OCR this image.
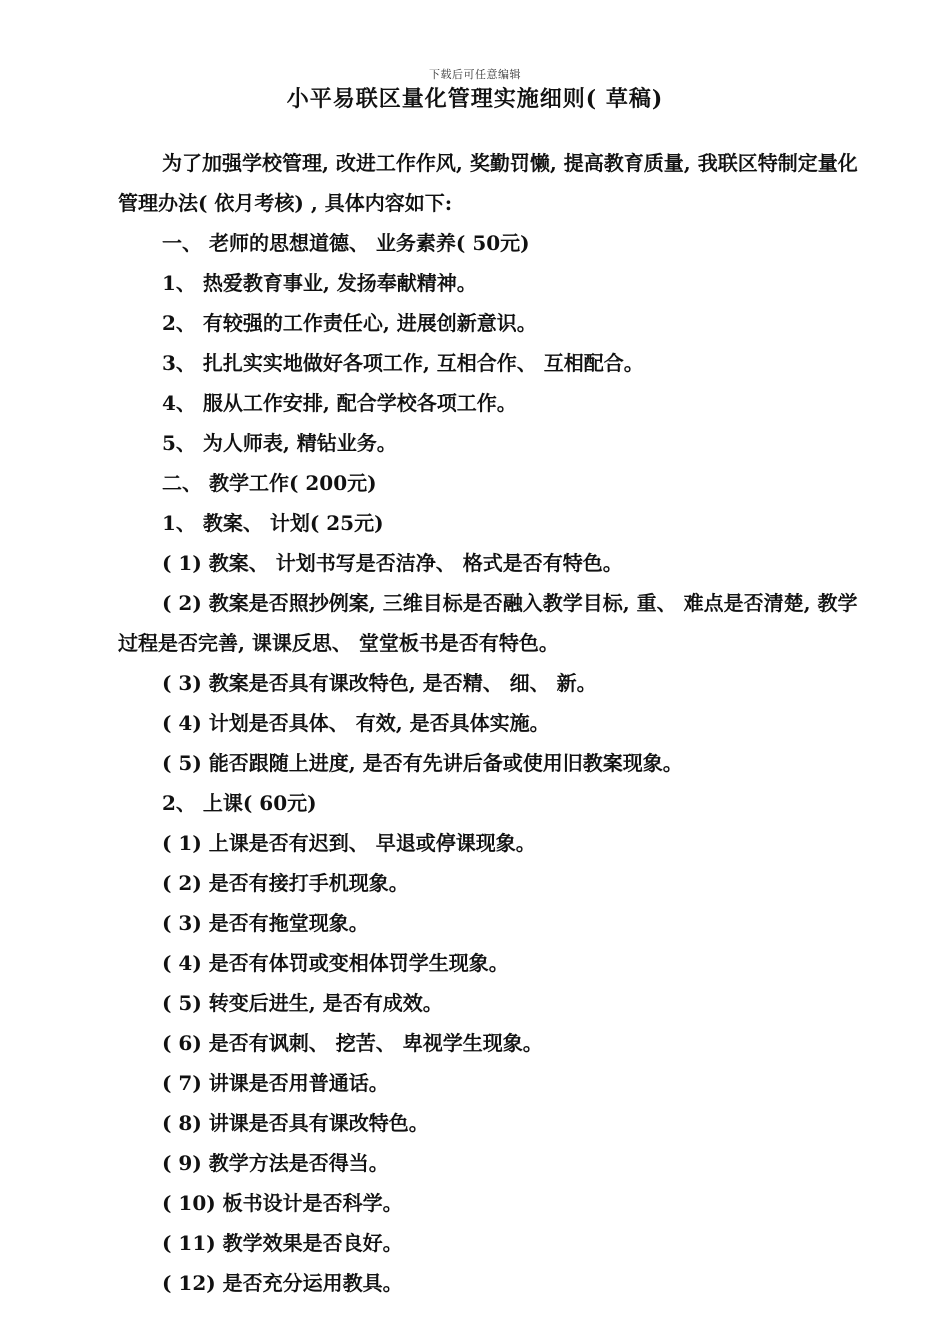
下载后可任意编辑
小平易联区量化管理实施细则( 草稿)

为了加强学校管理, 改进工作作风, 奖勤罚懒, 提高教育质量, 我联区特制定量化管理办法( 依月考核) , 具体内容如下:

一、 老师的思想道德、 业务素养( 50元)

1、 热爱教育事业, 发扬奉献精神。

2、 有较强的工作责任心, 进展创新意识。

3、 扎扎实实地做好各项工作, 互相合作、 互相配合。

4、 服从工作安排, 配合学校各项工作。

5、 为人师表, 精钻业务。

二、 教学工作( 200元)

1、 教案、 计划( 25元)

( 1) 教案、 计划书写是否洁净、 格式是否有特色。

( 2) 教案是否照抄例案, 三维目标是否融入教学目标, 重、 难点是否清楚, 教学过程是否完善, 课课反思、 堂堂板书是否有特色。

( 3) 教案是否具有课改特色, 是否精、 细、 新。

( 4) 计划是否具体、 有效, 是否具体实施。

( 5) 能否跟随上进度, 是否有先讲后备或使用旧教案现象。

2、 上课( 60元)

( 1) 上课是否有迟到、 早退或停课现象。

( 2) 是否有接打手机现象。

( 3) 是否有拖堂现象。

( 4) 是否有体罚或变相体罚学生现象。

( 5) 转变后进生, 是否有成效。

( 6) 是否有讽刺、 挖苦、 卑视学生现象。

( 7) 讲课是否用普通话。

( 8) 讲课是否具有课改特色。

( 9) 教学方法是否得当。

( 10) 板书设计是否科学。

( 11) 教学效果是否良好。

( 12) 是否充分运用教具。
